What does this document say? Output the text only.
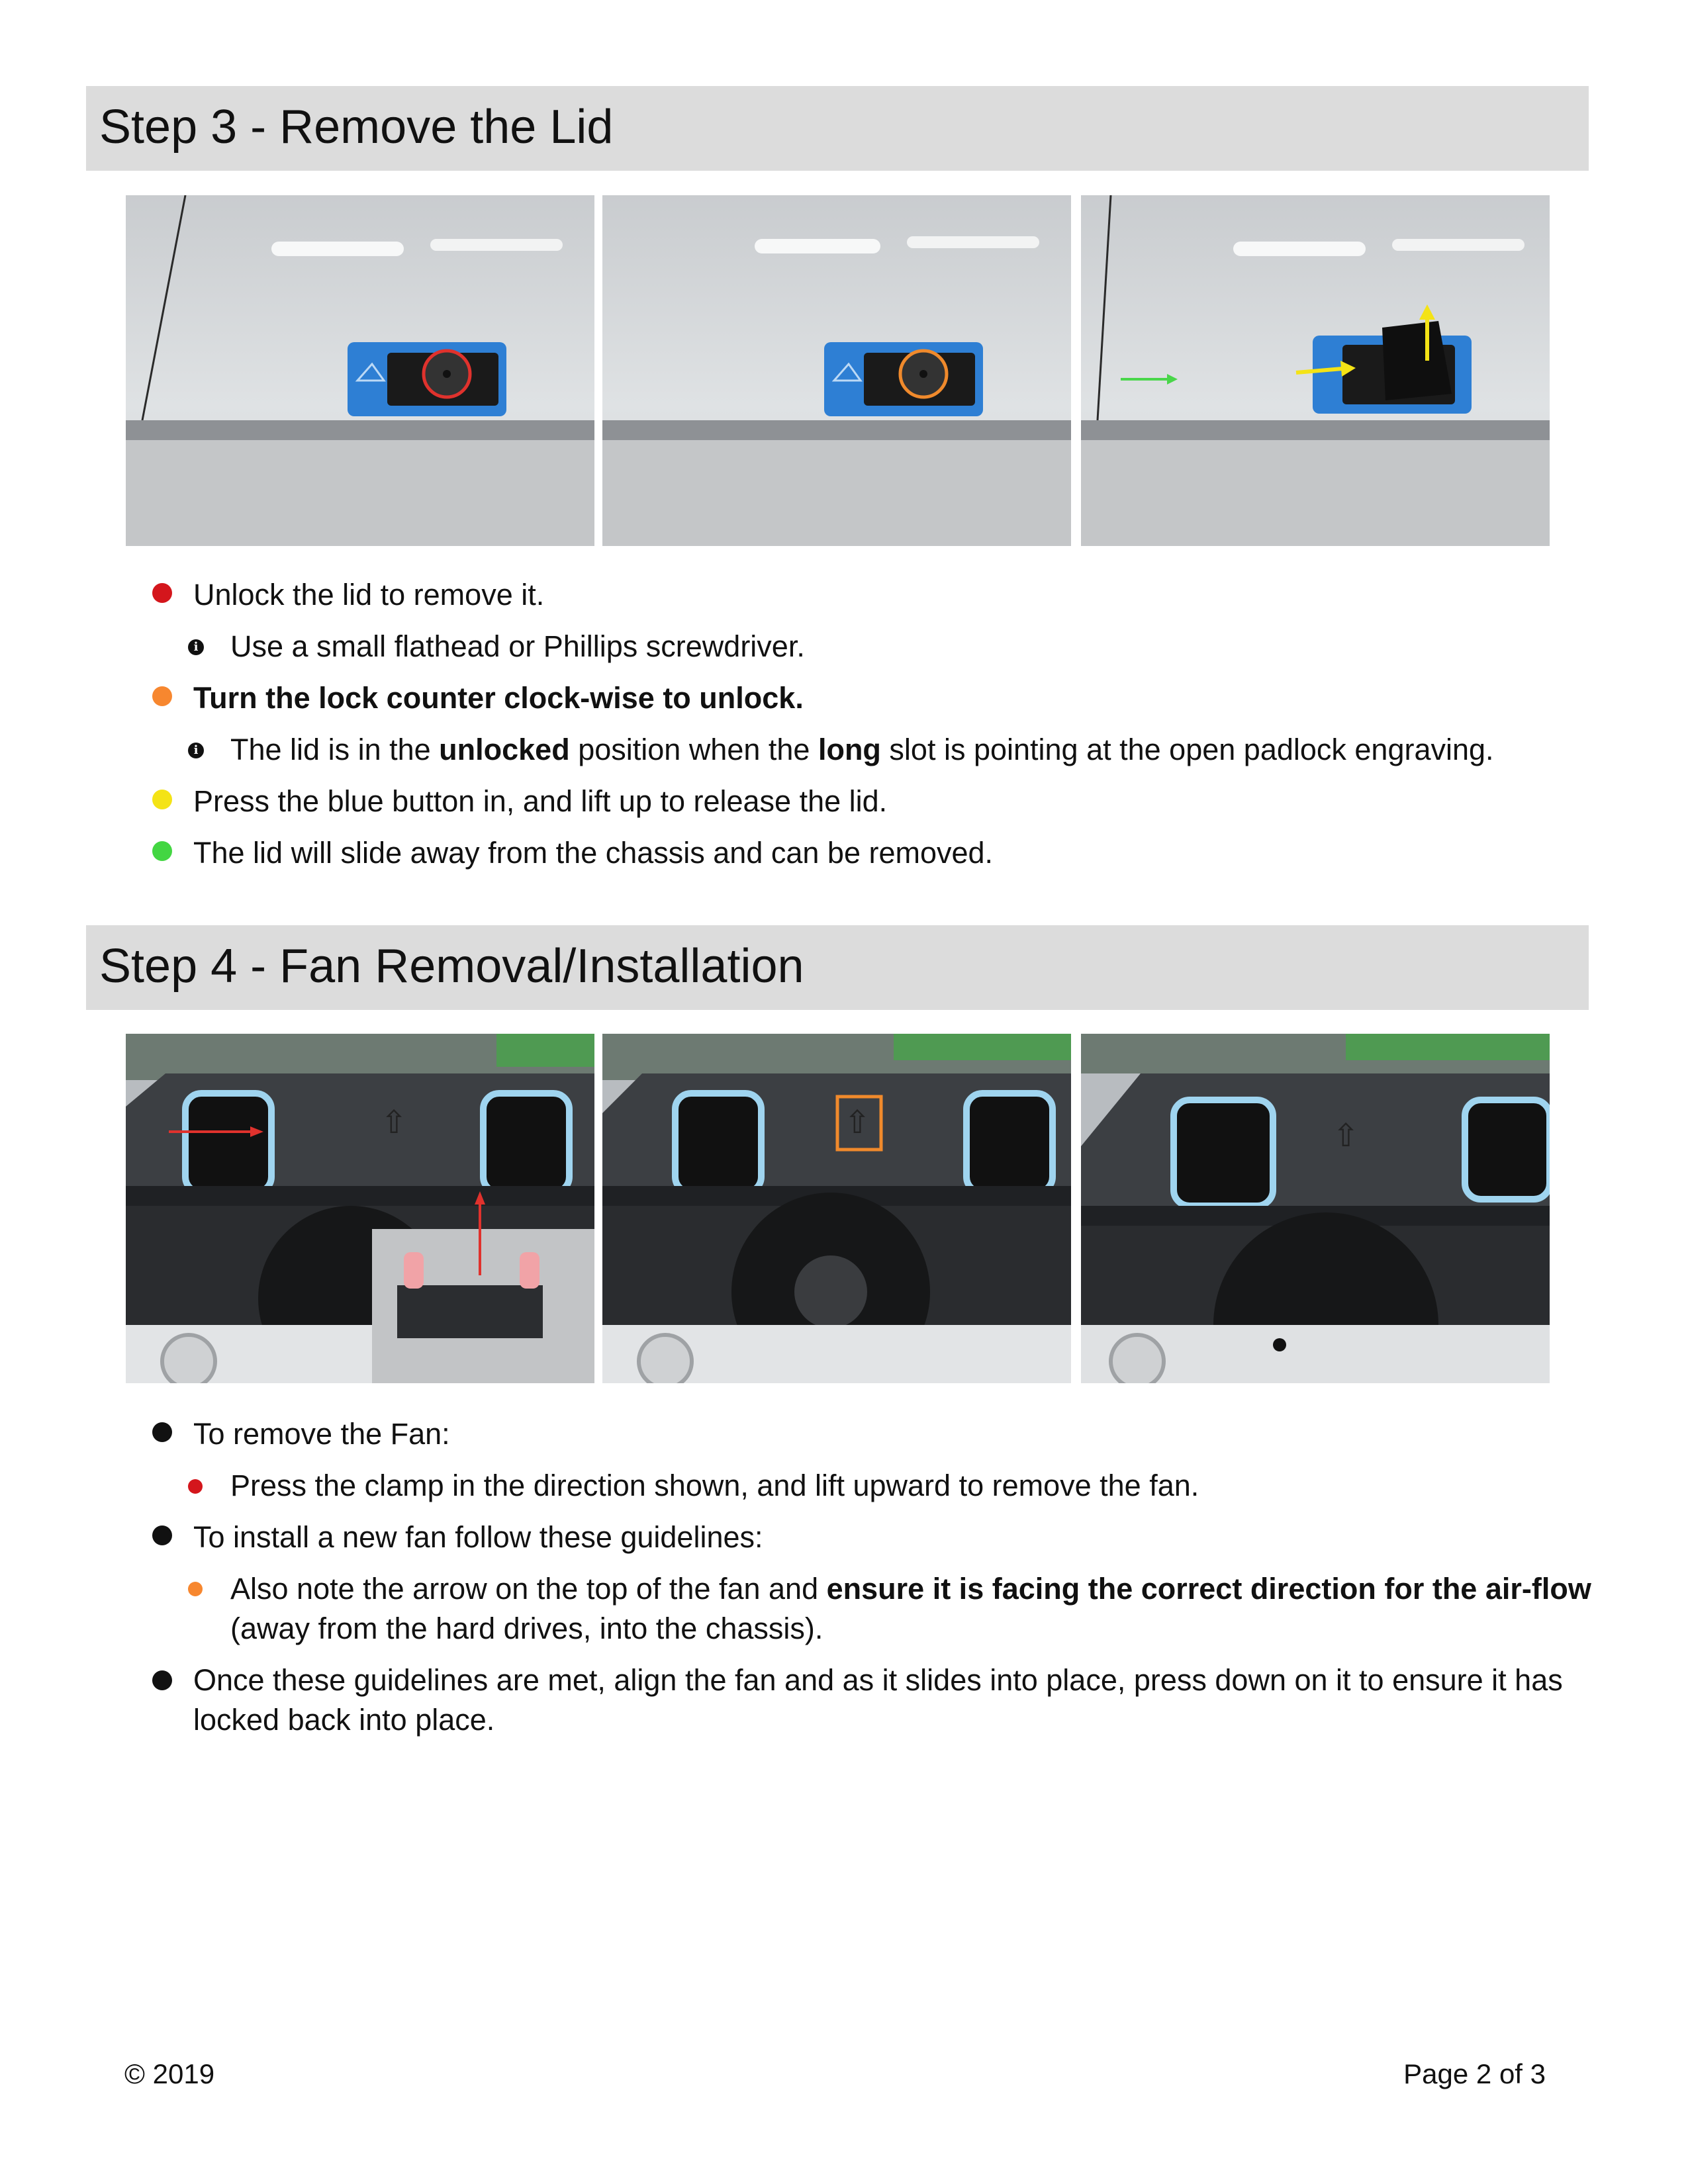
Step 3 - Remove the Lid
Unlock the lid to remove it.
i Use a small flathead or Phillips screwdriver.
Turn the lock counter clock-wise to unlock.
i The lid is in the unlocked position when the long slot is pointing at the open padlock engraving.
Press the blue button in, and lift up to release the lid.
The lid will slide away from the chassis and can be removed.
Step 4 - Fan Removal/Installation
⇧	⇧	⇧
To remove the Fan:
Press the clamp in the direction shown, and lift upward to remove the fan.
To install a new fan follow these guidelines:
Also note the arrow on the top of the fan and ensure it is facing the correct direction for the air-flow (away from the hard drives, into the chassis).
Once these guidelines are met, align the fan and as it slides into place, press down on it to ensure it has locked back into place.
© 2019	Page 2 of 3
